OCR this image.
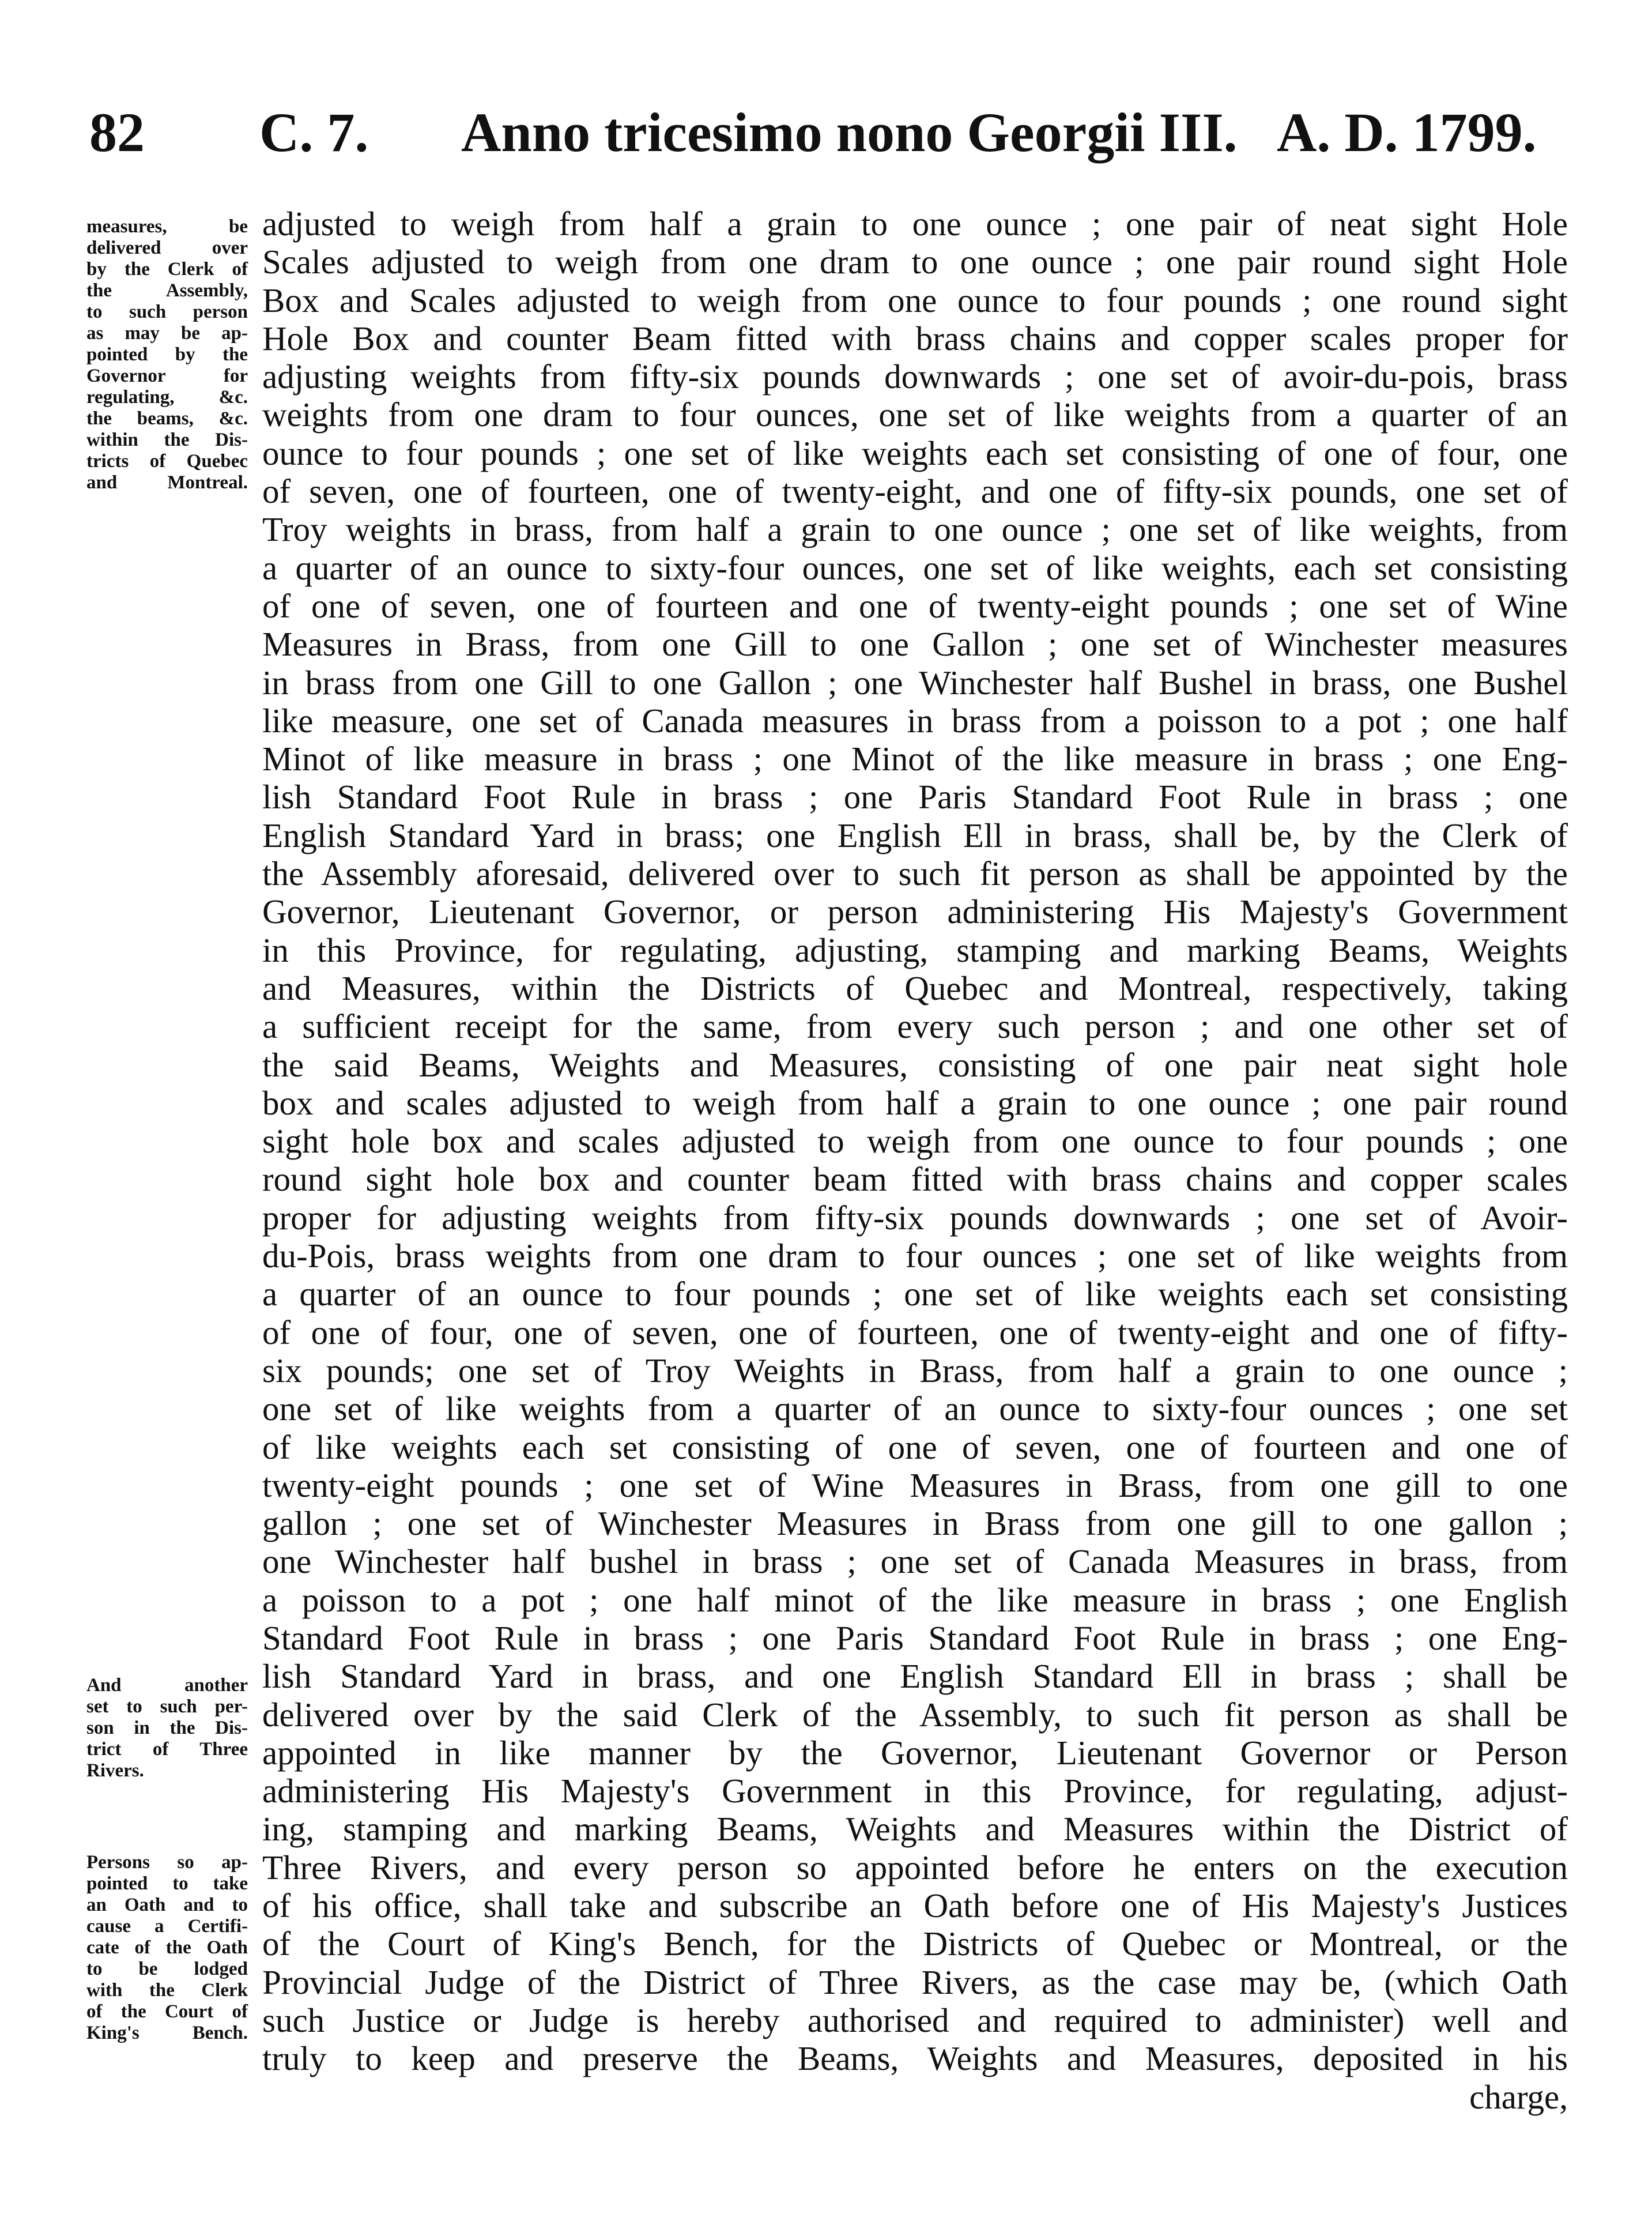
82 C. 7. Anno tricesimo nono Georgii III. A. D. 1799.
measures, be
delivered over
by the Clerk of
the Assembly,
to such person
as may be ap-
pointed by the
Governor for
regulating, &c.
the beams, &c.
within the Dis-
tricts of Quebec
and Montreal.
And another
set to such per-
son in the Dis-
trict of Three
Rivers.
Persons so ap-
pointed to take
an Oath and to
cause a Certifi-
cate of the Oath
to be lodged
with the Clerk
of the Court of
King's Bench.
adjusted to weigh from half a grain to one ounce ; one pair of neat sight Hole
Scales adjusted to weigh from one dram to one ounce ; one pair round sight Hole
Box and Scales adjusted to weigh from one ounce to four pounds ; one round sight
Hole Box and counter Beam fitted with brass chains and copper scales proper for
adjusting weights from fifty-six pounds downwards ; one set of avoir-du-pois, brass
weights from one dram to four ounces, one set of like weights from a quarter of an
ounce to four pounds ; one set of like weights each set consisting of one of four, one
of seven, one of fourteen, one of twenty-eight, and one of fifty-six pounds, one set of
Troy weights in brass, from half a grain to one ounce ; one set of like weights, from
a quarter of an ounce to sixty-four ounces, one set of like weights, each set consisting
of one of seven, one of fourteen and one of twenty-eight pounds ; one set of Wine
Measures in Brass, from one Gill to one Gallon ; one set of Winchester measures
in brass from one Gill to one Gallon ; one Winchester half Bushel in brass, one Bushel
like measure, one set of Canada measures in brass from a poisson to a pot ; one half
Minot of like measure in brass ; one Minot of the like measure in brass ; one Eng-
lish Standard Foot Rule in brass ; one Paris Standard Foot Rule in brass ; one
English Standard Yard in brass; one English Ell in brass, shall be, by the Clerk of
the Assembly aforesaid, delivered over to such fit person as shall be appointed by the
Governor, Lieutenant Governor, or person administering His Majesty's Government
in this Province, for regulating, adjusting, stamping and marking Beams, Weights
and Measures, within the Districts of Quebec and Montreal, respectively, taking
a sufficient receipt for the same, from every such person ; and one other set of
the said Beams, Weights and Measures, consisting of one pair neat sight hole
box and scales adjusted to weigh from half a grain to one ounce ; one pair round
sight hole box and scales adjusted to weigh from one ounce to four pounds ; one
round sight hole box and counter beam fitted with brass chains and copper scales
proper for adjusting weights from fifty-six pounds downwards ; one set of Avoir-
du-Pois, brass weights from one dram to four ounces ; one set of like weights from
a quarter of an ounce to four pounds ; one set of like weights each set consisting
of one of four, one of seven, one of fourteen, one of twenty-eight and one of fifty-
six pounds; one set of Troy Weights in Brass, from half a grain to one ounce ;
one set of like weights from a quarter of an ounce to sixty-four ounces ; one set
of like weights each set consisting of one of seven, one of fourteen and one of
twenty-eight pounds ; one set of Wine Measures in Brass, from one gill to one
gallon ; one set of Winchester Measures in Brass from one gill to one gallon ;
one Winchester half bushel in brass ; one set of Canada Measures in brass, from
a poisson to a pot ; one half minot of the like measure in brass ; one English
Standard Foot Rule in brass ; one Paris Standard Foot Rule in brass ; one Eng-
lish Standard Yard in brass, and one English Standard Ell in brass ; shall be
delivered over by the said Clerk of the Assembly, to such fit person as shall be
appointed in like manner by the Governor, Lieutenant Governor or Person
administering His Majesty's Government in this Province, for regulating, adjust-
ing, stamping and marking Beams, Weights and Measures within the District of
Three Rivers, and every person so appointed before he enters on the execution
of his office, shall take and subscribe an Oath before one of His Majesty's Justices
of the Court of King's Bench, for the Districts of Quebec or Montreal, or the
Provincial Judge of the District of Three Rivers, as the case may be, (which Oath
such Justice or Judge is hereby authorised and required to administer) well and
truly to keep and preserve the Beams, Weights and Measures, deposited in his
charge,
